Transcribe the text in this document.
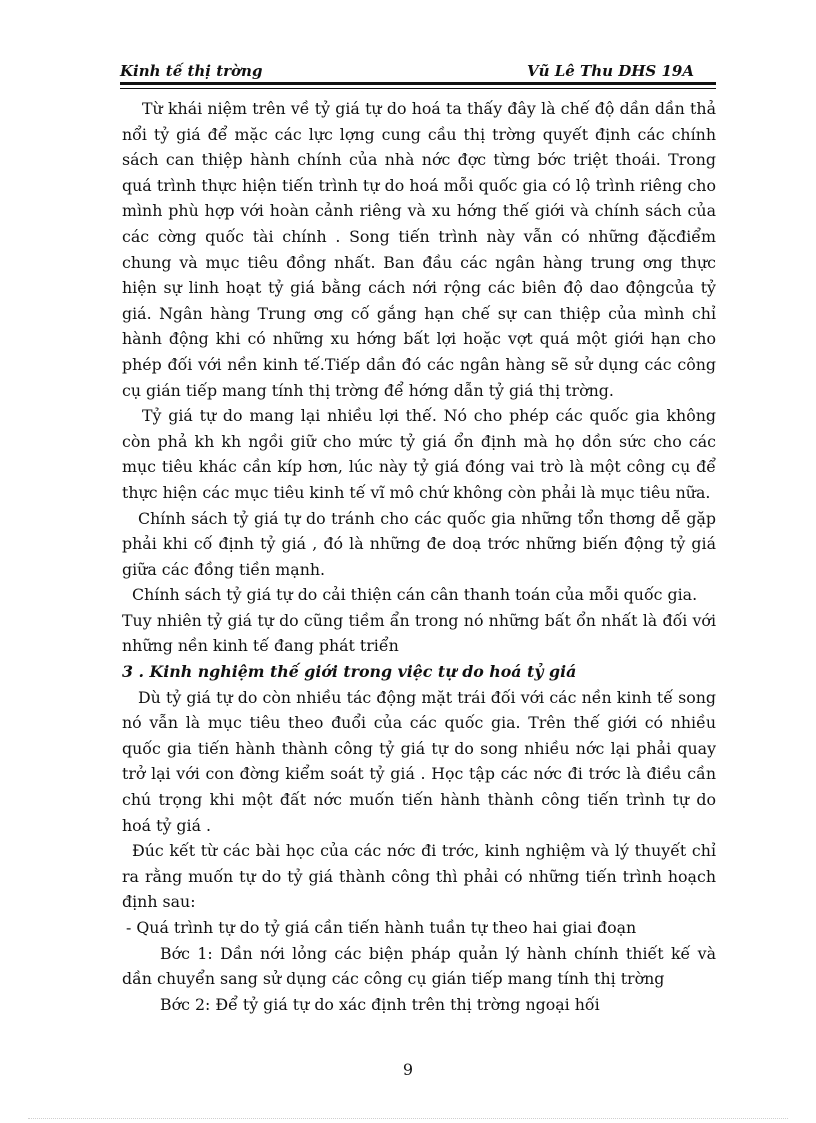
Kinh tế thị trờng	Vũ Lê Thu DHS 19A

Từ khái niệm trên về tỷ giá tự do hoá ta thấy đây là chế độ dần dần thả nổi tỷ giá để mặc các lực lợng cung cầu thị trờng quyết định các chính sách can thiệp hành chính của nhà nớc đợc từng bớc triệt thoái. Trong quá trình thực hiện tiến trình tự do hoá mỗi quốc gia có lộ trình riêng cho mình phù hợp với hoàn cảnh riêng và xu hớng thế giới và chính sách của các cờng quốc tài chính . Song tiến trình này vẫn có những đặcđiểm chung và mục tiêu đồng nhất. Ban đầu các ngân hàng trung ơng thực hiện sự linh hoạt tỷ giá bằng cách nới rộng các biên độ dao độngcủa tỷ giá. Ngân hàng Trung ơng cố gắng hạn chế sự can thiệp của mình chỉ hành động khi có những xu hớng bất lợi hoặc vợt quá một giới hạn cho phép đối với nền kinh tế.Tiếp dần đó các ngân hàng sẽ sử dụng các công cụ gián tiếp mang tính thị trờng để hớng dẫn tỷ giá thị trờng.

Tỷ giá tự do mang lại nhiều lợi thế. Nó cho phép các quốc gia không còn phả kh kh ngồi giữ cho mức tỷ giá ổn định mà họ dồn sức cho các mục tiêu khác cần kíp hơn, lúc này tỷ giá đóng vai trò là một công cụ để thực hiện các mục tiêu kinh tế vĩ mô chứ không còn phải là mục tiêu nữa.

Chính sách tỷ giá tự do tránh cho các quốc gia những tổn thơng dễ gặp phải khi cố định tỷ giá , đó là những đe doạ trớc những biến động tỷ giá giữa các đồng tiền mạnh.

Chính sách tỷ giá tự do cải thiện cán cân thanh toán của mỗi quốc gia.

Tuy nhiên tỷ giá tự do cũng tiềm ẩn trong nó những bất ổn nhất là đối với những nền kinh tế đang phát triển

3 . Kinh nghiệm thế giới trong việc tự do hoá tỷ giá

Dù tỷ giá tự do còn nhiều tác động mặt trái đối với các nền kinh tế song nó vẫn là mục tiêu theo đuổi của các quốc gia. Trên thế giới có nhiều quốc gia tiến hành thành công tỷ giá tự do song nhiều nớc lại phải quay trở lại với con đờng kiểm soát tỷ giá . Học tập các nớc đi trớc là điều cần chú trọng khi một đất nớc muốn tiến hành thành công tiến trình tự do hoá tỷ giá .

Đúc kết từ các bài học của các nớc đi trớc, kinh nghiệm và lý thuyết chỉ ra rằng muốn tự do tỷ giá thành công thì phải có những tiến trình hoạch định sau:

- Quá trình tự do tỷ giá cần tiến hành tuần tự theo hai giai đoạn

Bớc 1: Dần nới lỏng các biện pháp quản lý hành chính thiết kế và dần chuyển sang sử dụng các công cụ gián tiếp mang tính thị trờng

Bớc 2: Để tỷ giá tự do xác định trên thị trờng ngoại hối

9
